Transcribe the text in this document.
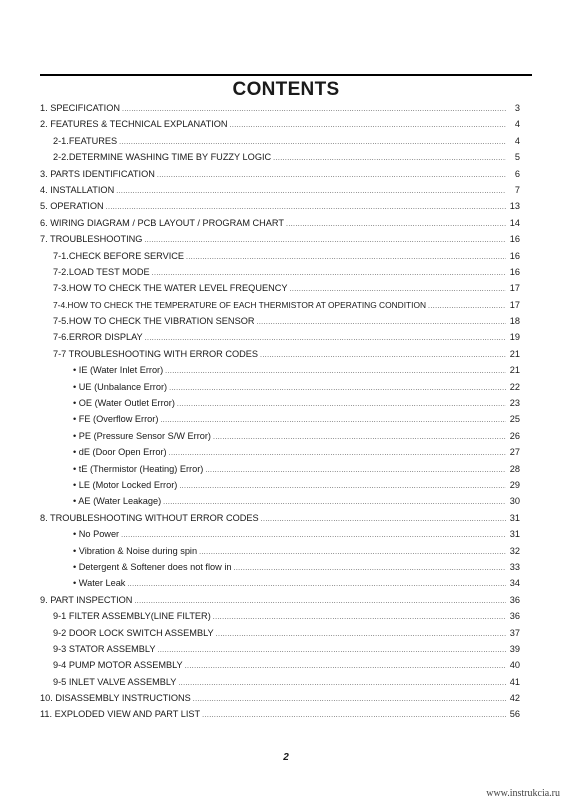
CONTENTS
1. SPECIFICATION .....	3
2. FEATURES & TECHNICAL EXPLANATION .....	4
2-1.FEATURES .....	4
2-2.DETERMINE WASHING TIME BY FUZZY LOGIC .....	5
3. PARTS IDENTIFICATION .....	6
4. INSTALLATION .....	7
5. OPERATION .....	13
6. WIRING DIAGRAM / PCB LAYOUT / PROGRAM CHART .....	14
7. TROUBLESHOOTING .....	16
7-1.CHECK BEFORE SERVICE .....	16
7-2.LOAD TEST MODE .....	16
7-3.HOW TO CHECK THE WATER LEVEL FREQUENCY .....	17
7-4.HOW TO CHECK THE TEMPERATURE OF EACH THERMISTOR AT OPERATING CONDITION .....	17
7-5.HOW TO CHECK THE VIBRATION SENSOR .....	18
7-6.ERROR DISPLAY .....	19
7-7 TROUBLESHOOTING WITH ERROR CODES .....	21
• IE (Water Inlet Error) .....	21
• UE (Unbalance Error) .....	22
• OE (Water Outlet Error) .....	23
• FE (Overflow Error) .....	25
• PE (Pressure Sensor S/W Error) .....	26
• dE (Door Open Error) .....	27
• tE (Thermistor (Heating) Error) .....	28
• LE (Motor Locked Error) .....	29
• AE (Water Leakage) .....	30
8. TROUBLESHOOTING WITHOUT ERROR CODES .....	31
• No Power .....	31
• Vibration & Noise during spin .....	32
• Detergent & Softener does not flow in .....	33
• Water Leak .....	34
9. PART INSPECTION .....	36
9-1 FILTER ASSEMBLY(LINE FILTER) .....	36
9-2 DOOR LOCK SWITCH ASSEMBLY .....	37
9-3 STATOR ASSEMBLY .....	39
9-4 PUMP MOTOR ASSEMBLY .....	40
9-5 INLET VALVE ASSEMBLY .....	41
10. DISASSEMBLY INSTRUCTIONS .....	42
11. EXPLODED VIEW AND PART LIST .....	56
2
www.instrukcia.ru
